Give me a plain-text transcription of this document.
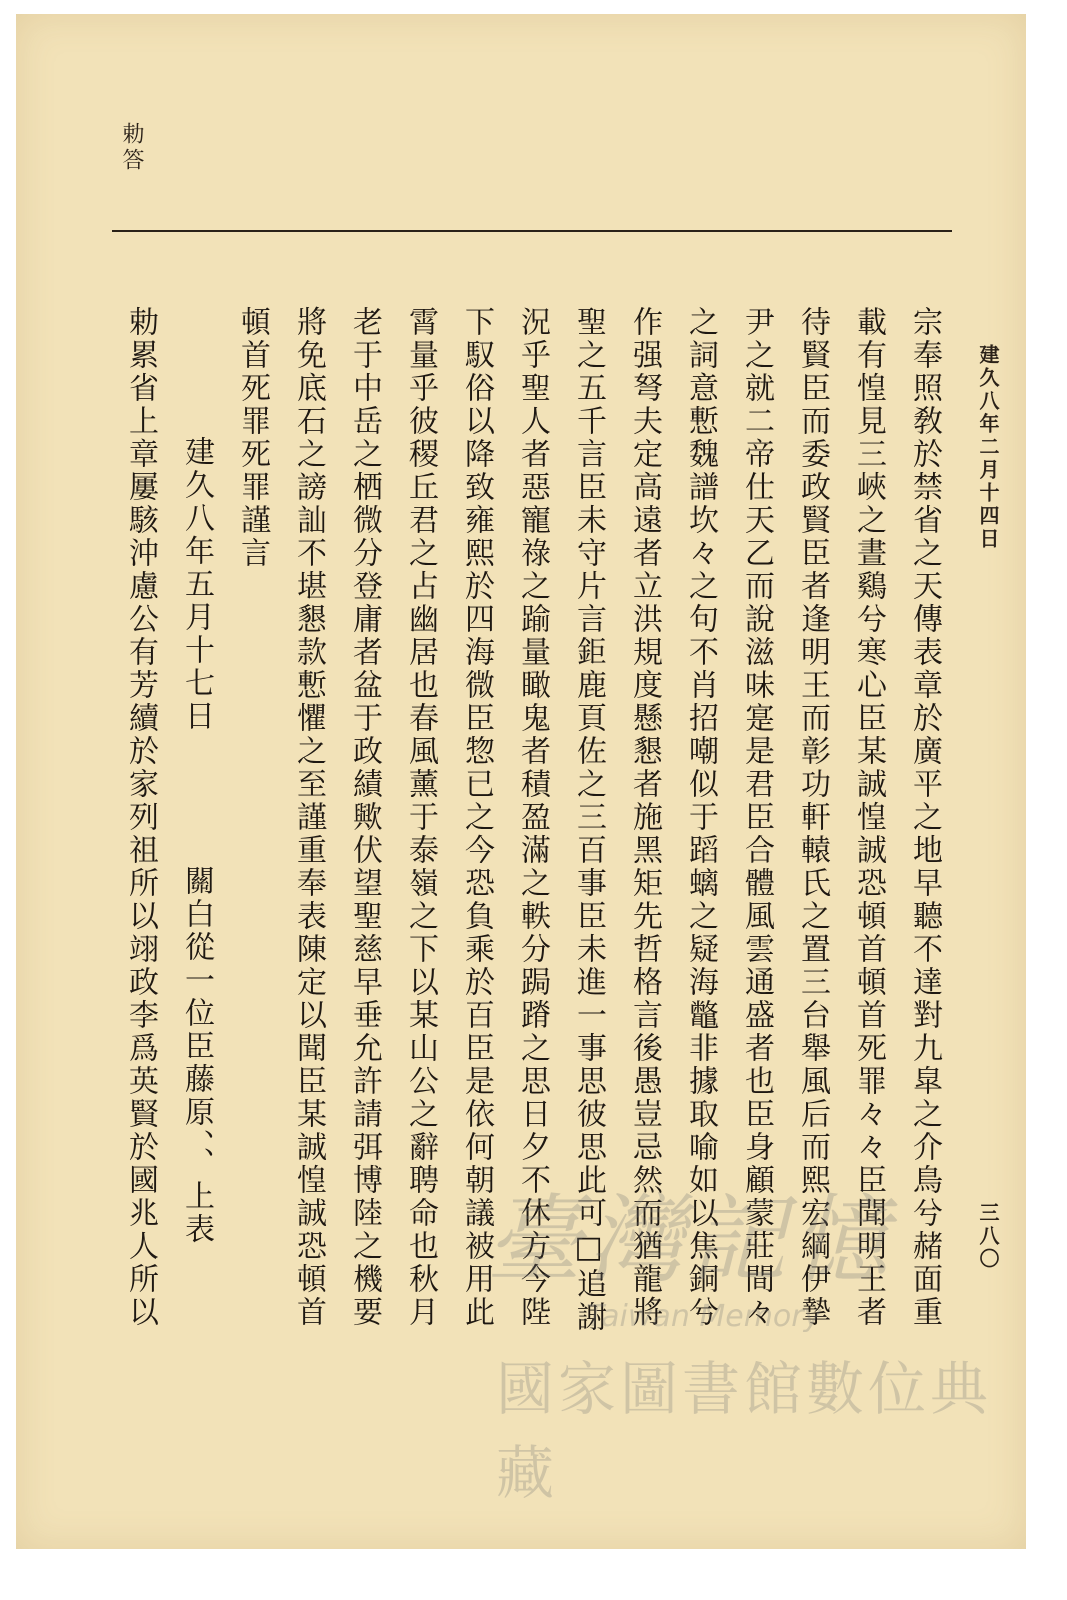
勅答
建久八年二月十四日
三八〇
宗奉照敎於禁省之天傳表章於廣平之地早聽不達對九皐之介鳥兮赭面重
載有惶見三峽之晝鷄兮寒心臣某誠惶誠恐頓首頓首死罪々々臣聞明王者
待賢臣而委政賢臣者逢明王而彰功軒轅氏之置三台舉風后而熙宏綱伊摯
尹之就二帝仕天乙而說滋味寔是君臣合體風雲通盛者也臣身顧蒙莊間々
之詞意慙魏譜坎々之句不肖招嘲似于蹈螭之疑海鼈非據取喻如以焦銅兮
作强弩夫定高遠者立洪規度懸懇者施黑矩先哲格言後愚豈忌然而猶龍將
聖之五千言臣未守片言鉅鹿頁佐之三百事臣未進一事思彼思此可□追謝
況乎聖人者惡寵祿之踰量瞰鬼者積盈滿之軼分跼蹐之思日夕不休方今陛
下馭俗以降致雍熙於四海微臣惣已之今恐負乘於百臣是依何朝議被用此
霄量乎彼稷丘君之占幽居也春風薰于泰嶺之下以某山公之辭聘命也秋月
老于中岳之栖微分登庸者盆于政績歟伏望聖慈早垂允許請弭博陸之機要
將免底石之謗訕不堪懇款慙懼之至謹重奉表陳定以聞臣某誠惶誠恐頓首
頓首死罪死罪謹言
建久八年五月十七日　　　　關白從一位臣藤原、、上表
勅累省上章屢駭沖慮公有芳續於家列祖所以翊政李爲英賢於國兆人所以	臺灣記憶
Taiwan Memory
國家圖書館數位典藏
